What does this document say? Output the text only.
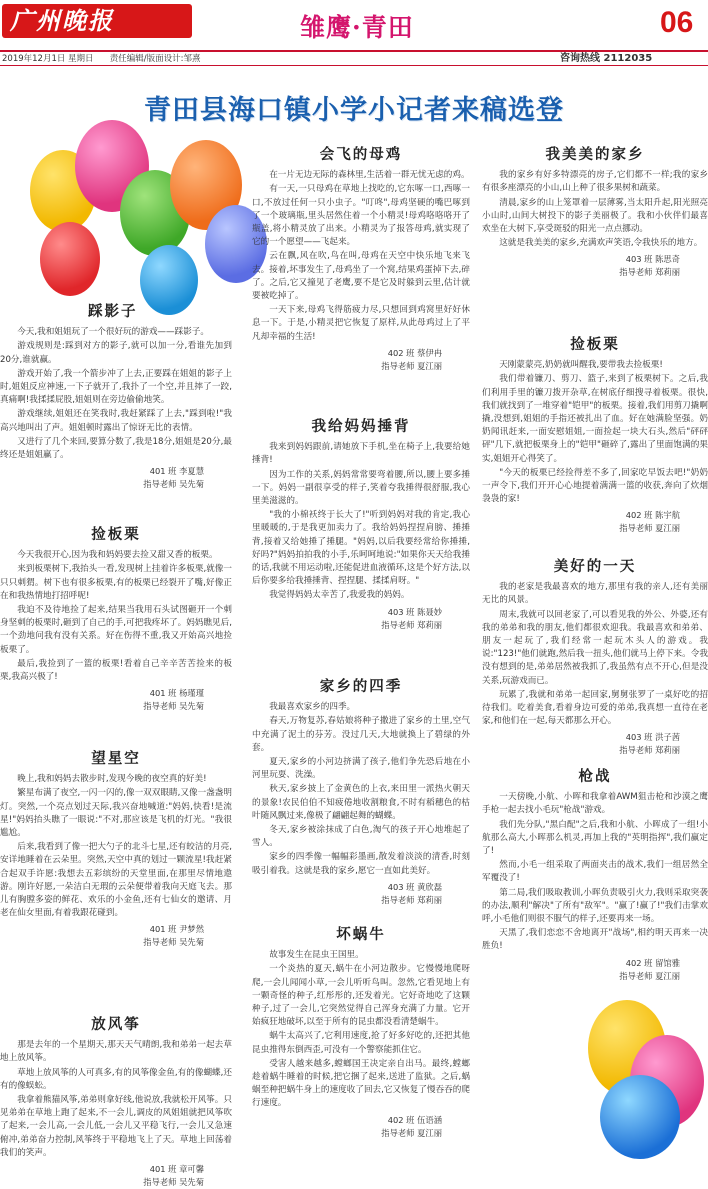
广州晚报	雏鹰·青田	06
2019年12月1日 星期日 责任编辑/版面设计:邹熹	咨询热线 2112035
青田县海口镇小学小记者来稿选登
踩影子

今天,我和姐姐玩了一个很好玩的游戏——踩影子。

游戏规则是:踩到对方的影子,就可以加一分,看谁先加到20分,谁就赢。

游戏开始了,我一个箭步冲了上去,正要踩在姐姐的影子上时,姐姐反应神速,一下子就开了,我扑了一个空,并且摔了一跤,真痛啊!我揉揉屁股,姐姐则在旁边偷偷地笑。

游戏继续,姐姐还在笑我时,我赶紧踩了上去,"踩到啦!"我高兴地叫出了声。姐姐顿时露出了惊讶无比的表情。

又进行了几个来回,要算分数了,我是18分,姐姐是20分,最终还是姐姐赢了。

401 班 李夏慧
指导老师 吴先菊
捡板栗

今天我很开心,因为我和妈妈要去捡又甜又香的板栗。

来到板栗树下,我抬头一看,发现树上挂着许多板栗,就像一只只刺猬。树下也有很多板栗,有的板栗已经裂开了嘴,好像正在和我热情地打招呼呢!

我迫不及待地捡了起来,结果当我用石头试图砸开一个刺身坚刺的板栗时,砸到了自己的手,可把我疼坏了。妈妈瞧见后,一个劲地问我有没有关系。好在伤得不重,我又开始高兴地捡板栗了。

最后,我捡到了一篮的板栗!看着自己辛辛苦苦捡来的板栗,我高兴极了!

401 班 杨瑾瑾
指导老师 吴先菊
望星空

晚上,我和妈妈去散步时,发现今晚的夜空真的好美!

繁星布满了夜空,一闪一闪的,像一双双眼睛,又像一盏盏明灯。突然,一个亮点划过天际,我兴奋地喊道:"妈妈,快看!是流星!"妈妈抬头瞧了一眼说:"不对,那应该是飞机的灯光。"我很尴尬。

后来,我看到了像一把大勺子的北斗七星,还有皎洁的月亮,安详地睡着在云朵里。突然,天空中真的划过一颗流星!我赶紧合起双手许愿:我想去五彩缤纷的天堂里面,在那里尽情地遨游。刚许好愿,一朵洁白无瑕的云朵便带着我向天庭飞去。那儿有胸膛多姿的鲜花、欢乐的小金鱼,还有七仙女的邀请、月老在仙女里面,有着我跟花碰到。

401 班 尹梦然
指导老师 吴先菊
放风筝

那是去年的一个星期天,那天天气晴朗,我和弟弟一起去草地上放风筝。

草地上放风筝的人可真多,有的风筝像金鱼,有的像蝴蝶,还有的像蜈蚣。

我拿着熊猫风筝,弟弟则拿好线,他说放,我就松开风筝。只见弟弟在草地上跑了起来,不一会儿,调皮的风姐姐就把风筝吹了起来,一会儿高,一会儿低,一会儿又平稳飞行,一会儿又急速俯冲,弟弟奋力控制,风筝终于平稳地飞上了天。草地上回荡着我们的笑声。

401 班 章可馨
指导老师 吴先菊
会飞的母鸡

在一片无边无际的森林里,生活着一群无忧无虑的鸡。

有一天,一只母鸡在草地上找吃的,它东啄一口,西啄一口,不放过任何一只小虫子。"叮咚",母鸡坚硬的嘴巴啄到了一个玻璃瓶,里头居然住着一个小精灵!母鸡咯咯咯开了瓶盖,将小精灵放了出来。小精灵为了报答母鸡,就实现了它的一个愿望——飞起来。

云在飘,风在吹,鸟在叫,母鸡在天空中快乐地飞来飞去。接着,坏事发生了,母鸡坐了一个窝,结果鸡蛋掉下去,碎了。之后,它又撞见了老鹰,要不是它及时躲到云里,估计就要被吃掉了。

一天下来,母鸡飞得筋疲力尽,只想回到鸡窝里好好休息一下。于是,小精灵把它恢复了原样,从此母鸡过上了平凡却幸福的生活!

402 班 蔡伊冉
指导老师 夏江丽
我给妈妈捶背

我来到妈妈跟前,请她放下手机,坐在椅子上,我要给她捶背!

因为工作的关系,妈妈常常要弯着腰,所以,腰上要多捶一下。妈妈一副很享受的样子,笑着夸我捶得很舒服,我心里美滋滋的。

"我的小棉袄终于长大了!"听到妈妈对我的肯定,我心里暖暖的,于是我更加卖力了。我给妈妈捏捏肩膀、捶捶背,接着又给她捶了捶腿。"妈妈,以后我要经常给你捶捶,好吗?"妈妈拍拍我的小手,乐呵呵地说:"如果你天天给我捶的话,我就不用运动啦,还能促进血液循环,这是个好方法,以后你要多给我捶捶背、捏捏腿、揉揉肩呀。"

我觉得妈妈太幸苦了,我爱我的妈妈。

403 班 陈聂妙
指导老师 郑莉丽
家乡的四季

我最喜欢家乡的四季。

春天,万物复苏,春姑娘将种子撒进了家乡的土里,空气中充满了泥土的芬芳。没过几天,大地就换上了碧绿的外套。

夏天,家乡的小河边挤满了孩子,他们争先恐后地在小河里玩耍、洗澡。

秋天,家乡披上了金黄色的上衣,来田里一派热火朝天的景象!农民伯伯不知疲倦地收割粮食,不时有稻穗色的枯叶随风飘过来,像极了翩翩起舞的蝴蝶。

冬天,家乡被涂抹成了白色,淘气的孩子开心地堆起了雪人。

家乡的四季像一幅幅彩墨画,散发着淡淡的清香,时刻吸引着我。这就是我的家乡,愿它一直如此美好。

403 班 黄欣磊
指导老师 郑莉丽
坏蜗牛

故事发生在昆虫王国里。

一个炎热的夏天,蜗牛在小河边散步。它慢慢地爬呀爬,一会儿闻闻小草,一会儿听听鸟叫。忽然,它看见地上有一颗奇怪的种子,红彤彤的,还发着光。它好奇地吃了这颗种子,过了一会儿,它突然觉得自己浑身充满了力量。它开始疯狂地破坏,以至于所有的昆虫都没看清楚蜗牛。

蜗牛太高兴了,它利用速度,抢了好多好吃的,还把其他昆虫推得东倒西歪,可没有一个警察能抓住它。

受害人越来越多,螳螂国王决定亲自出马。最终,螳螂趁着蜗牛睡着的时候,把它捆了起来,送进了监狱。之后,蜗蜗至种把蜗牛身上的速度收了回去,它又恢复了慢吞吞的爬行速度。

402 班 伍语涵
指导老师 夏江丽
我美美的家乡

我的家乡有好多特漂亮的房子,它们都不一样;我的家乡有很多座漂亮的小山,山上种了很多果树和蔬菜。

清晨,家乡的山上笼罩着一层薄雾,当太阳升起,阳光照亮小山时,山间大树投下的影子美丽极了。我和小伙伴们最喜欢坐在大树下,享受斑驳的阳光一点点挪动。

这就是我美美的家乡,充满欢声笑语,令我快乐的地方。

403 班 陈思奇
指导老师 郑莉丽
捡板栗

天刚蒙蒙亮,奶奶就叫醒我,要带我去捡板栗!

我们带着镰刀、剪刀、篮子,来到了板栗树下。之后,我们利用手里的镰刀拨开杂草,在树底仔细搜寻着板栗。很快,我们就找到了一堆穿着"铠甲"的板栗。接着,我们用剪刀撬啊撬,没想到,姐姐的手指还被扎出了血。好在她满脸坚强。奶奶闻讯赶来,一面安慰姐姐,一面捡起一块大石头,然后"砰砰砰"几下,就把板栗身上的"铠甲"砸碎了,露出了里面饱满的果实,姐姐开心得笑了。

"今天的板栗已经捡得差不多了,回家吃早饭去吧!"奶奶一声令下,我们开开心心地提着满满一篮的收获,奔向了炊烟袅袅的家!

402 班 陈宇航
指导老师 夏江丽
美好的一天

我的老家是我最喜欢的地方,那里有我的亲人,还有美丽无比的风景。

周末,我就可以回老家了,可以看见我的外公、外婆,还有我的弟弟和我的朋友,他们都很欢迎我。我最喜欢和弟弟、朋友一起玩了,我们经常一起玩木头人的游戏。我说:"123!"他们就跑,然后我一扭头,他们就马上停下来。令我没有想到的是,弟弟居然被我抓了,我虽然有点不开心,但是没关系,玩游戏而已。

玩累了,我就和弟弟一起回家,舅舅张罗了一桌好吃的招待我们。吃着美食,看着身边可爱的弟弟,我真想一直待在老家,和他们在一起,每天都那么开心。

403 班 洪子茜
指导老师 郑莉丽
枪战

一天傍晚,小航、小晖和我拿着AWM狙击枪和沙漠之鹰手枪一起去找小毛玩"枪战"游戏。

我们先分队,"黑白配"之后,我和小航、小晖成了一组!小航那么高大,小晖那么机灵,再加上我的"英明指挥",我们赢定了!

然而,小毛一组采取了两面夹击的战术,我们一组居然全军覆没了!

第二局,我们吸取教训,小晖负责吸引火力,我则采取突袭的办法,顺利"解决"了所有"敌军"。"赢了!赢了!"我们击掌欢呼,小毛他们则很不服气的样子,还要再来一场。

天黑了,我们恋恋不舍地离开"战场",相约明天再来一决胜负!

402 班 留馆雅
指导老师 夏江丽
